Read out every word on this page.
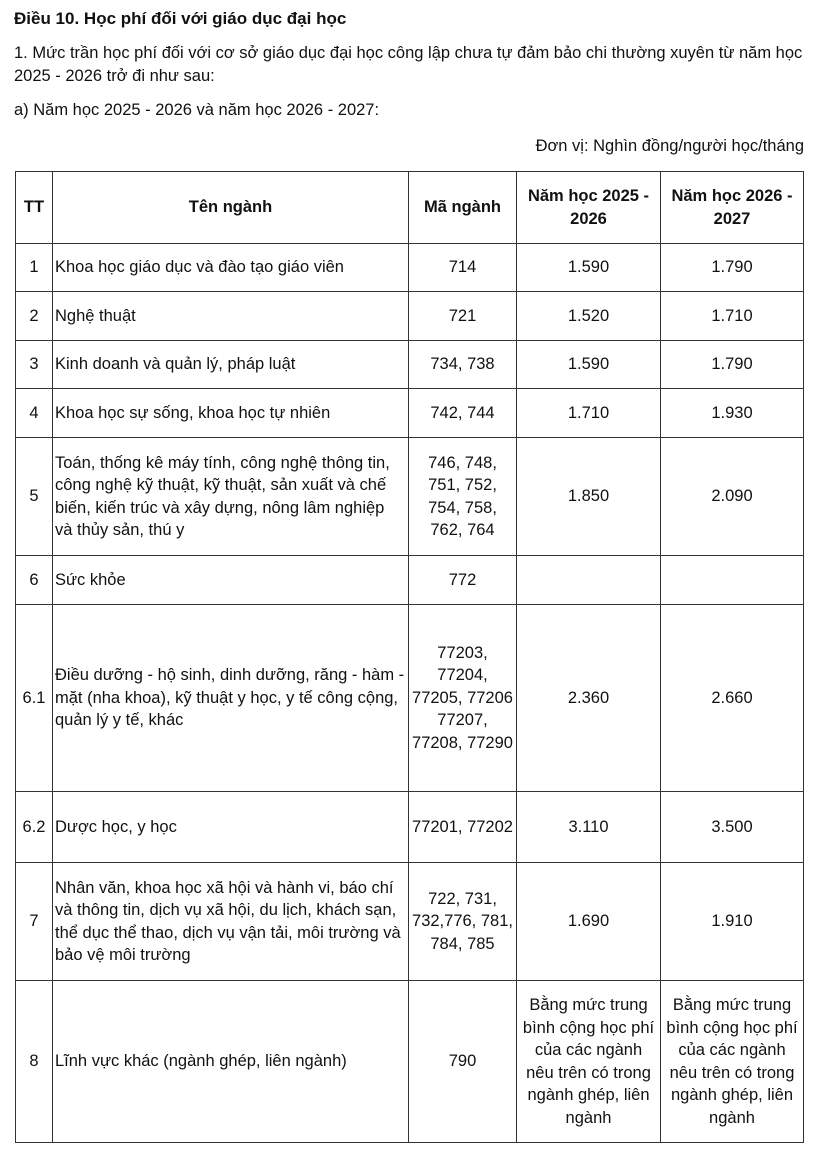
Điều 10. Học phí đối với giáo dục đại học
1. Mức trần học phí đối với cơ sở giáo dục đại học công lập chưa tự đảm bảo chi thường xuyên từ năm học 2025 - 2026 trở đi như sau:
a) Năm học 2025 - 2026 và năm học 2026 - 2027:
Đơn vị: Nghìn đồng/người học/tháng
TT	Tên ngành	Mã ngành	Năm học 2025 - 2026	Năm học 2026 - 2027
1	Khoa học giáo dục và đào tạo giáo viên	714	1.590	1.790
2	Nghệ thuật	721	1.520	1.710
3	Kinh doanh và quản lý, pháp luật	734, 738	1.590	1.790
4	Khoa học sự sống, khoa học tự nhiên	742, 744	1.710	1.930
5	Toán, thống kê máy tính, công nghệ thông tin, công nghệ kỹ thuật, kỹ thuật, sản xuất và chế biến, kiến trúc và xây dựng, nông lâm nghiệp và thủy sản, thú y	746, 748, 751, 752, 754, 758, 762, 764	1.850	2.090
6	Sức khỏe	772		
6.1	Điều dưỡng - hộ sinh, dinh dưỡng, răng - hàm - mặt (nha khoa), kỹ thuật y học, y tế công cộng, quản lý y tế, khác	77203, 77204, 77205, 77206 77207, 77208, 77290	2.360	2.660
6.2	Dược học, y học	77201, 77202	3.110	3.500
7	Nhân văn, khoa học xã hội và hành vi, báo chí và thông tin, dịch vụ xã hội, du lịch, khách sạn, thể dục thể thao, dịch vụ vận tải, môi trường và bảo vệ môi trường	722, 731, 732,776, 781, 784, 785	1.690	1.910
8	Lĩnh vực khác (ngành ghép, liên ngành)	790	Bằng mức trung bình cộng học phí của các ngành nêu trên có trong ngành ghép, liên ngành	Bằng mức trung bình cộng học phí của các ngành nêu trên có trong ngành ghép, liên ngành
